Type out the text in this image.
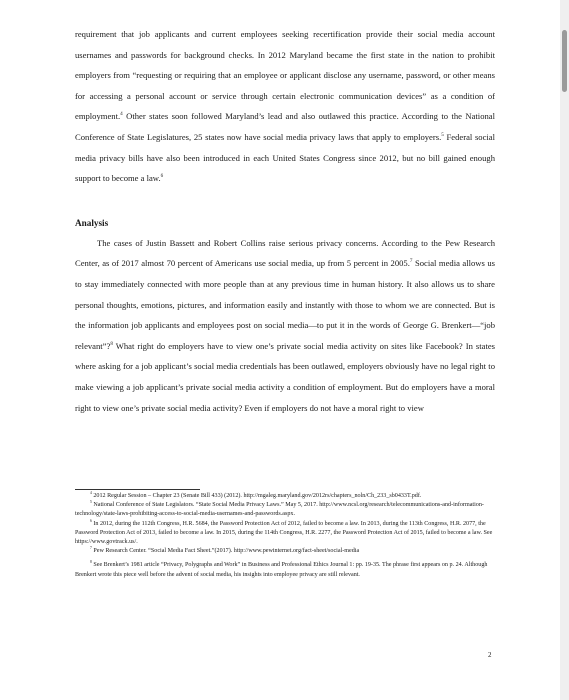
requirement that job applicants and current employees seeking recertification provide their social media account usernames and passwords for background checks. In 2012 Maryland became the first state in the nation to prohibit employers from “requesting or requiring that an employee or applicant disclose any username, password, or other means for accessing a personal account or service through certain electronic communication devices” as a condition of employment.$^4$ Other states soon followed Maryland’s lead and also outlawed this practice. According to the National Conference of State Legislatures, 25 states now have social media privacy laws that apply to employers.$^5$ Federal social media privacy bills have also been introduced in each United States Congress since 2012, but no bill gained enough support to become a law.$^6$

Analysis

The cases of Justin Bassett and Robert Collins raise serious privacy concerns. According to the Pew Research Center, as of 2017 almost 70 percent of Americans use social media, up from 5 percent in 2005.$^7$ Social media allows us to stay immediately connected with more people than at any previous time in human history. It also allows us to share personal thoughts, emotions, pictures, and information easily and instantly with those to whom we are connected. But is the information job applicants and employees post on social media—to put it in the words of George G. Brenkert—“job relevant”?$^8$ What right do employers have to view one’s private social media activity on sites like Facebook? In states where asking for a job applicant’s social media credentials has been outlawed, employers obviously have no legal right to make viewing a job applicant’s private social media activity a condition of employment. But do employers have a moral right to view one’s private social media activity? Even if employers do not have a moral right to view

$^4$ 2012 Regular Session – Chapter 23 (Senate Bill 433) (2012). http://mgaleg.maryland.gov/2012rs/chapters_noln/Ch_233_sb0433T.pdf.

$^5$ National Conference of State Legislators. “State Social Media Privacy Laws.” May 5, 2017. http://www.ncsl.org/research/telecommunications-and-information-technology/state-laws-prohibiting-access-to-social-media-usernames-and-passwords.aspx.

$^6$ In 2012, during the 112th Congress, H.R. 5684, the Password Protection Act of 2012, failed to become a law. In 2013, during the 113th Congress, H.R. 2077, the Password Protection Act of 2013, failed to become a law. In 2015, during the 114th Congress, H.R. 2277, the Password Protection Act of 2015, failed to become a law. See https://www.govtrack.us/.

$^7$ Pew Research Center. “Social Media Fact Sheet.”(2017). http://www.pewinternet.org/fact-sheet/social-media

$^8$ See Brenkert’s 1981 article “Privacy, Polygraphs and Work” in Business and Professional Ethics Journal 1: pp. 19-35. The phrase first appears on p. 24. Although Brenkert wrote this piece well before the advent of social media, his insights into employee privacy are still relevant.

2
